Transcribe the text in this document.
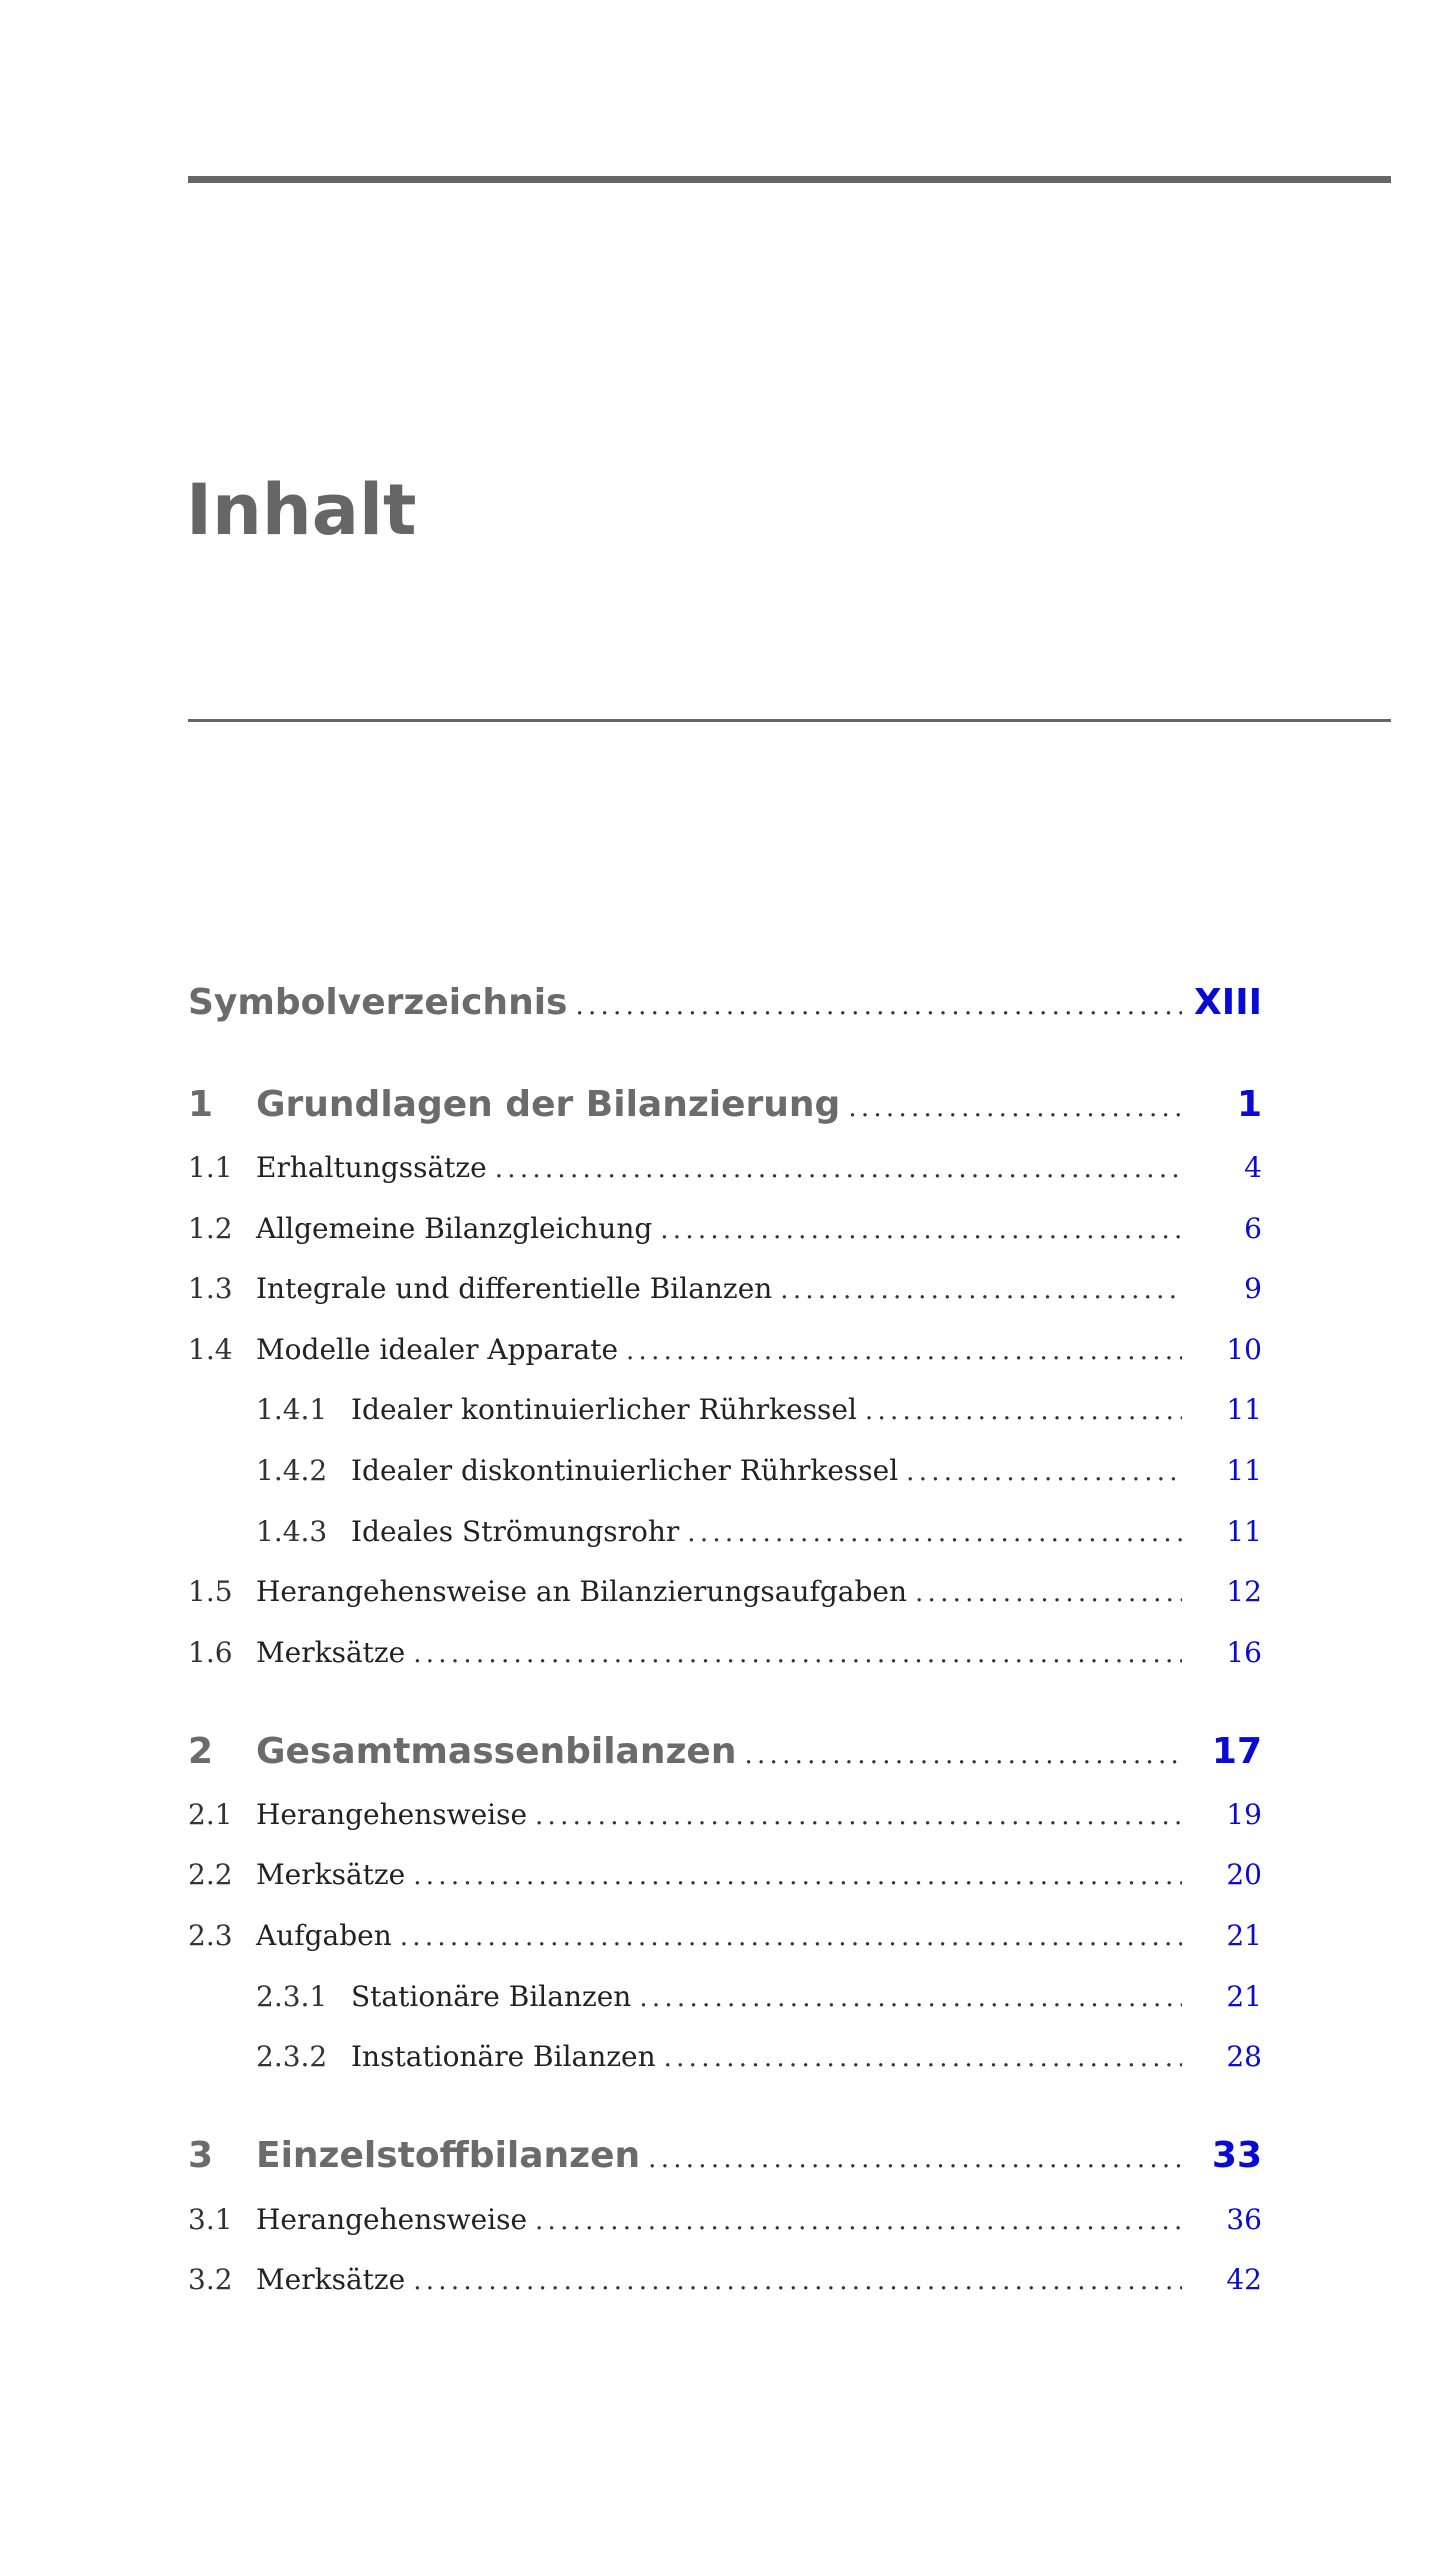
Inhalt
Symbolverzeichnis . . .	XIII
1	Grundlagen der Bilanzierung . . .	1
1.1 Erhaltungssätze . . .	4
1.2 Allgemeine Bilanzgleichung . . .	6
1.3 Integrale und differentielle Bilanzen . . .	9
1.4 Modelle idealer Apparate . . .	10
1.4.1 Idealer kontinuierlicher Rührkessel . . .	11
1.4.2 Idealer diskontinuierlicher Rührkessel . . .	11
1.4.3 Ideales Strömungsrohr . . .	11
1.5 Herangehensweise an Bilanzierungsaufgaben . . .	12
1.6 Merksätze . . .	16
2	Gesamtmassenbilanzen . . .	17
2.1 Herangehensweise . . .	19
2.2 Merksätze . . .	20
2.3 Aufgaben . . .	21
2.3.1 Stationäre Bilanzen . . .	21
2.3.2 Instationäre Bilanzen . . .	28
3	Einzelstoffbilanzen . . .	33
3.1 Herangehensweise . . .	36
3.2 Merksätze . . .	42
